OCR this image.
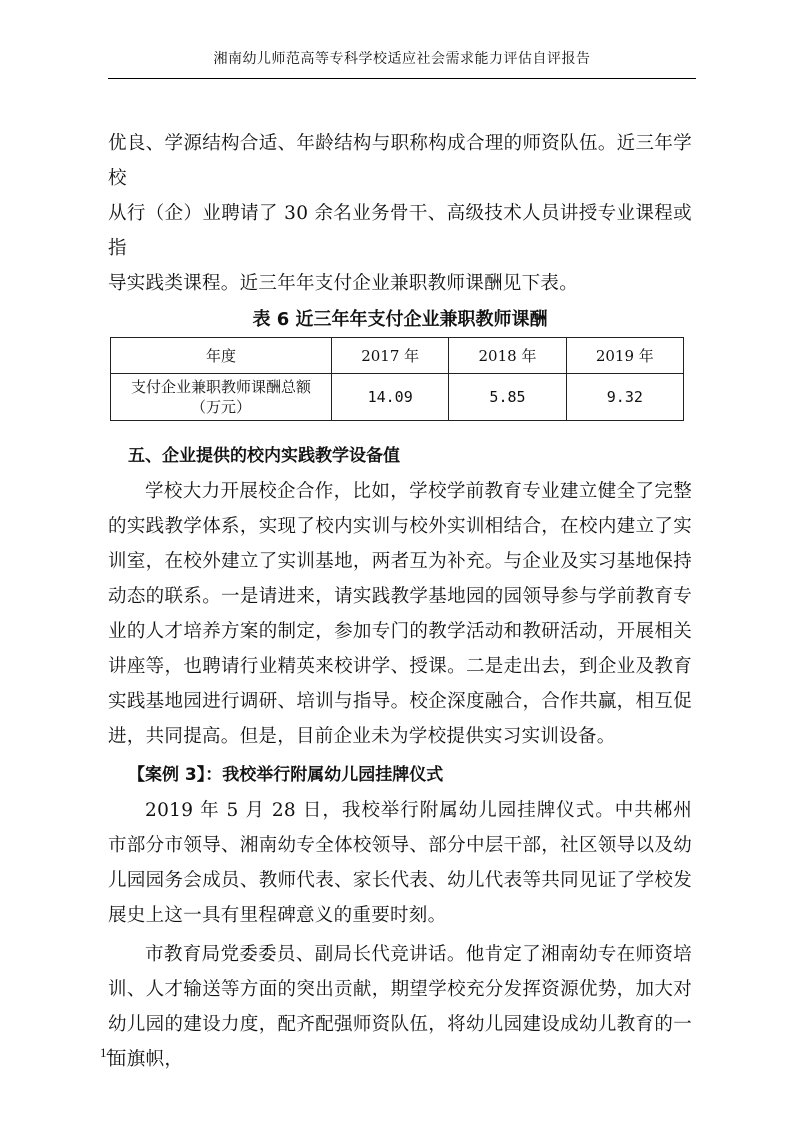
湘南幼儿师范高等专科学校适应社会需求能力评估自评报告

优良、学源结构合适、年龄结构与职称构成合理的师资队伍。近三年学校

从行（企）业聘请了 30 余名业务骨干、高级技术人员讲授专业课程或指

导实践类课程。近三年年支付企业兼职教师课酬见下表。

表 6 近三年年支付企业兼职教师课酬
年度	2017 年	2018 年	2019 年

支付企业兼职教师课酬总额
（万元）	14.09	5.85	9.32
五、企业提供的校内实践教学设备值

学校大力开展校企合作，比如，学校学前教育专业建立健全了完整的实践教学体系，实现了校内实训与校外实训相结合，在校内建立了实训室，在校外建立了实训基地，两者互为补充。与企业及实习基地保持动态的联系。一是请进来，请实践教学基地园的园领导参与学前教育专业的人才培养方案的制定，参加专门的教学活动和教研活动，开展相关讲座等，也聘请行业精英来校讲学、授课。二是走出去，到企业及教育实践基地园进行调研、培训与指导。校企深度融合，合作共赢，相互促进，共同提高。但是，目前企业未为学校提供实习实训设备。

【案例 3】：我校举行附属幼儿园挂牌仪式

2019 年 5 月 28 日，我校举行附属幼儿园挂牌仪式。中共郴州市部分市领导、湘南幼专全体校领导、部分中层干部，社区领导以及幼儿园园务会成员、教师代表、家长代表、幼儿代表等共同见证了学校发展史上这一具有里程碑意义的重要时刻。

市教育局党委委员、副局长代竞讲话。他肯定了湘南幼专在师资培训、人才输送等方面的突出贡献，期望学校充分发挥资源优势，加大对幼儿园的建设力度，配齐配强师资队伍，将幼儿园建设成幼儿教育的一面旗帜，

14
